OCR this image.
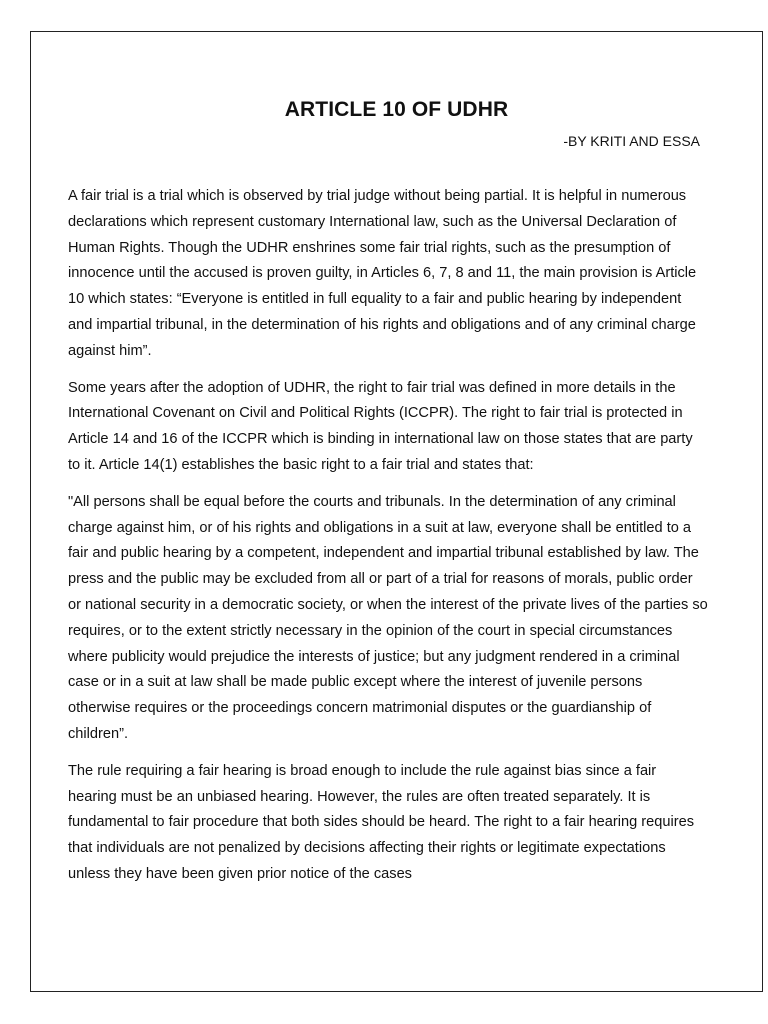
ARTICLE 10 OF UDHR
-BY KRITI AND ESSA

A fair trial is a trial which is observed by trial judge without being partial. It is helpful in numerous declarations which represent customary International law, such as the Universal Declaration of Human Rights. Though the UDHR enshrines some fair trial rights, such as the presumption of innocence until the accused is proven guilty, in Articles 6, 7, 8 and 11, the main provision is Article 10 which states: “Everyone is entitled in full equality to a fair and public hearing by independent and impartial tribunal, in the determination of his rights and obligations and of any criminal charge against him”.

Some years after the adoption of UDHR, the right to fair trial was defined in more details in the International Covenant on Civil and Political Rights (ICCPR). The right to fair trial is protected in Article 14 and 16 of the ICCPR which is binding in international law on those states that are party to it. Article 14(1) establishes the basic right to a fair trial and states that:

"All persons shall be equal before the courts and tribunals. In the determination of any criminal charge against him, or of his rights and obligations in a suit at law, everyone shall be entitled to a fair and public hearing by a competent, independent and impartial tribunal established by law. The press and the public may be excluded from all or part of a trial for reasons of morals, public order or national security in a democratic society, or when the interest of the private lives of the parties so requires, or to the extent strictly necessary in the opinion of the court in special circumstances where publicity would prejudice the interests of justice; but any judgment rendered in a criminal case or in a suit at law shall be made public except where the interest of juvenile persons otherwise requires or the proceedings concern matrimonial disputes or the guardianship of children”.

The rule requiring a fair hearing is broad enough to include the rule against bias since a fair hearing must be an unbiased hearing. However, the rules are often treated separately. It is fundamental to fair procedure that both sides should be heard. The right to a fair hearing requires that individuals are not penalized by decisions affecting their rights or legitimate expectations unless they have been given prior notice of the cases
